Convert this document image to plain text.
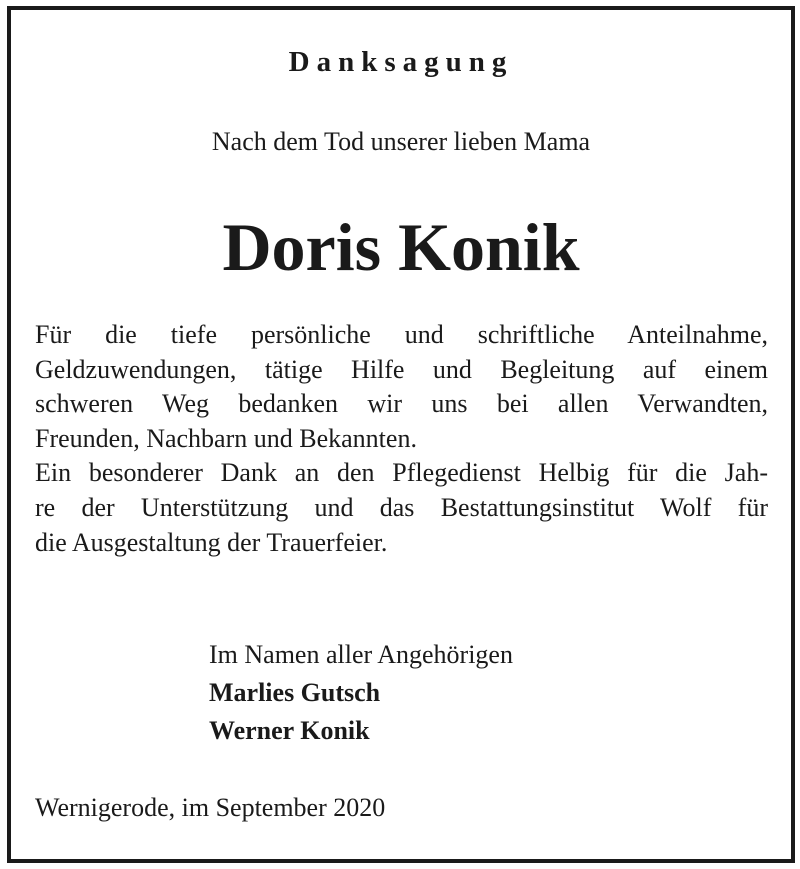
Danksagung
Nach dem Tod unserer lieben Mama
Doris Konik
Für die tiefe persönliche und schriftliche Anteilnahme,
Geldzuwendungen, tätige Hilfe und Begleitung auf einem
schweren Weg bedanken wir uns bei allen Verwandten,
Freunden, Nachbarn und Bekannten.
Ein besonderer Dank an den Pflegedienst Helbig für die Jah-
re der Unterstützung und das Bestattungsinstitut Wolf für
die Ausgestaltung der Trauerfeier.
Im Namen aller Angehörigen
Marlies Gutsch
Werner Konik
Wernigerode, im September 2020
